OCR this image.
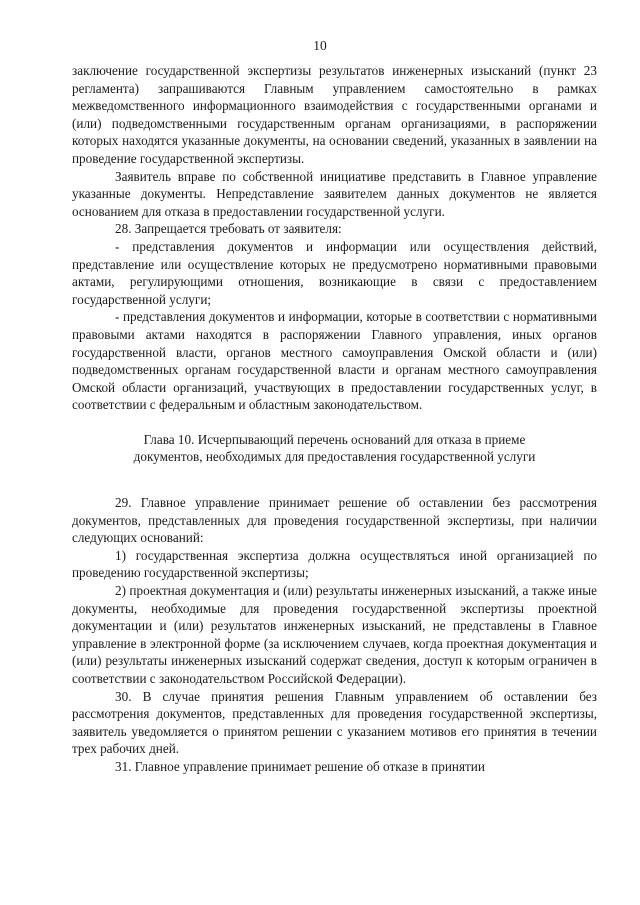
10

заключение государственной экспертизы результатов инженерных изысканий (пункт 23 регламента) запрашиваются Главным управлением самостоятельно в рамках межведомственного информационного взаимодействия с государственными органами и (или) подведомственными государственным органам организациями, в распоряжении которых находятся указанные документы, на основании сведений, указанных в заявлении на проведение государственной экспертизы.

Заявитель вправе по собственной инициативе представить в Главное управление указанные документы. Непредставление заявителем данных документов не является основанием для отказа в предоставлении государственной услуги.

28. Запрещается требовать от заявителя:

- представления документов и информации или осуществления действий, представление или осуществление которых не предусмотрено нормативными правовыми актами, регулирующими отношения, возникающие в связи с предоставлением государственной услуги;

- представления документов и информации, которые в соответствии с нормативными правовыми актами находятся в распоряжении Главного управления, иных органов государственной власти, органов местного самоуправления Омской области и (или) подведомственных органам государственной власти и органам местного самоуправления Омской области организаций, участвующих в предоставлении государственных услуг, в соответствии с федеральным и областным законодательством.

Глава 10. Исчерпывающий перечень оснований для отказа в приеме документов, необходимых для предоставления государственной услуги

29. Главное управление принимает решение об оставлении без рассмотрения документов, представленных для проведения государственной экспертизы, при наличии следующих оснований:

1) государственная экспертиза должна осуществляться иной организацией по проведению государственной экспертизы;

2) проектная документация и (или) результаты инженерных изысканий, а также иные документы, необходимые для проведения государственной экспертизы проектной документации и (или) результатов инженерных изысканий, не представлены в Главное управление в электронной форме (за исключением случаев, когда проектная документация и (или) результаты инженерных изысканий содержат сведения, доступ к которым ограничен в соответствии с законодательством Российской Федерации).

30. В случае принятия решения Главным управлением об оставлении без рассмотрения документов, представленных для проведения государственной экспертизы, заявитель уведомляется о принятом решении с указанием мотивов его принятия в течении трех рабочих дней.

31. Главное управление принимает решение об отказе в принятии
